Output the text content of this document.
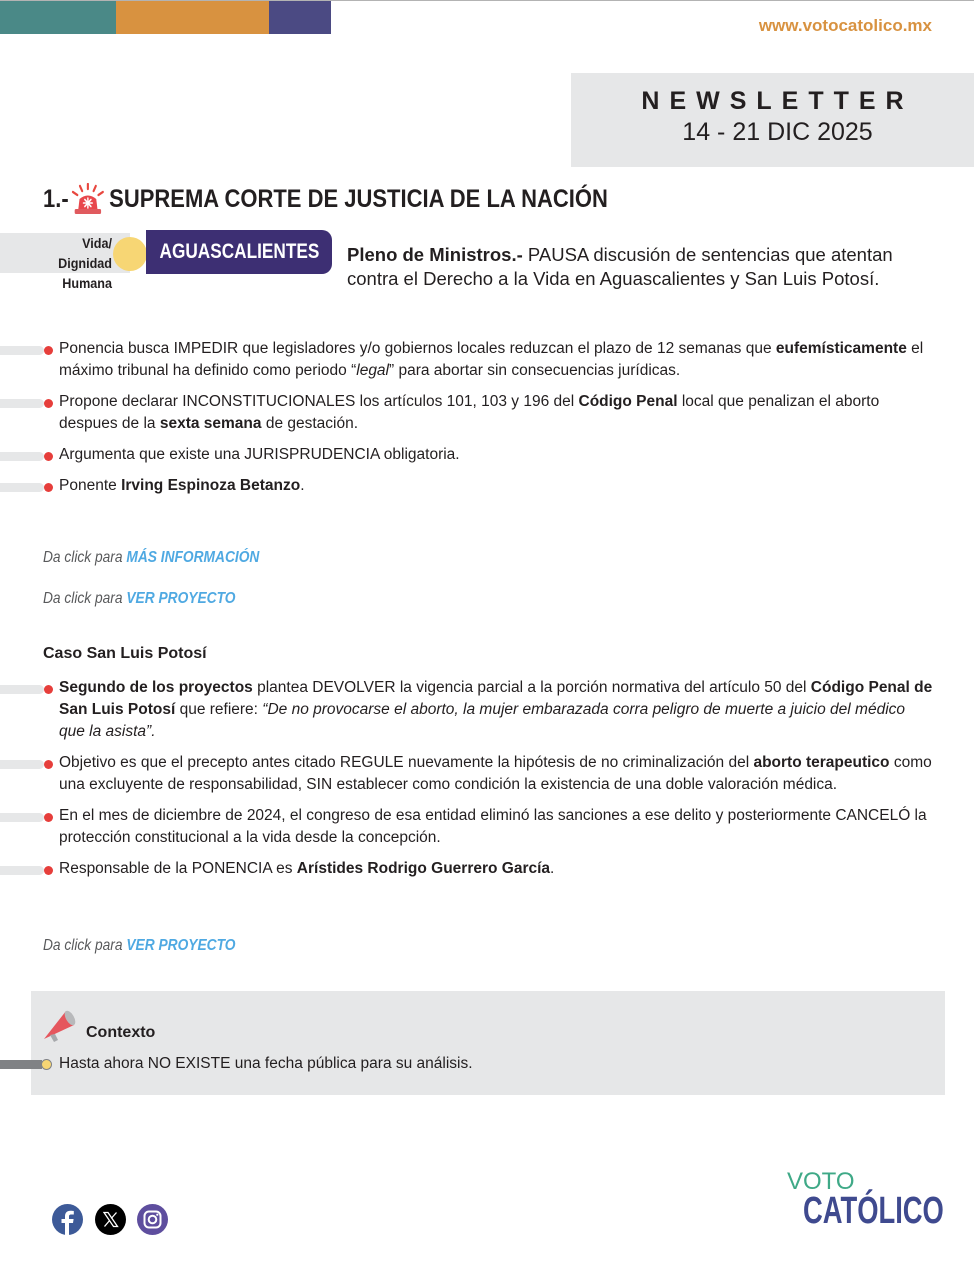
www.votocatolico.mx
NEWSLETTER
14 - 21 DIC 2025
1.- SUPREMA CORTE DE JUSTICIA DE LA NACIÓN
Vida/
Dignidad
Humana
AGUASCALIENTES Pleno de Ministros.- PAUSA discusión de sentencias que atentan contra el Derecho a la Vida en Aguascalientes y San Luis Potosí.
Ponencia busca IMPEDIR que legisladores y/o gobiernos locales reduzcan el plazo de 12 semanas que eufemísticamente el máximo tribunal ha definido como periodo “legal” para abortar sin consecuencias jurídicas.
Propone declarar INCONSTITUCIONALES los artículos 101, 103 y 196 del Código Penal local que penalizan el aborto despues de la sexta semana de gestación.
Argumenta que existe una JURISPRUDENCIA obligatoria.
Ponente Irving Espinoza Betanzo.
Da click para MÁS INFORMACIÓN
Da click para VER PROYECTO
Caso San Luis Potosí
Segundo de los proyectos plantea DEVOLVER la vigencia parcial a la porción normativa del artículo 50 del Código Penal de San Luis Potosí que refiere: “De no provocarse el aborto, la mujer embarazada corra peligro de muerte a juicio del médico que la asista”.
Objetivo es que el precepto antes citado REGULE nuevamente la hipótesis de no criminalización del aborto terapeutico como una excluyente de responsabilidad, SIN establecer como condición la existencia de una doble valoración médica.
En el mes de diciembre de 2024, el congreso de esa entidad eliminó las sanciones a ese delito y posteriormente CANCELÓ la protección constitucional a la vida desde la concepción.
Responsable de la PONENCIA es Arístides Rodrigo Guerrero García.
Da click para VER PROYECTO
Contexto
Hasta ahora NO EXISTE una fecha pública para su análisis.
VOTO
CATÓLICO
